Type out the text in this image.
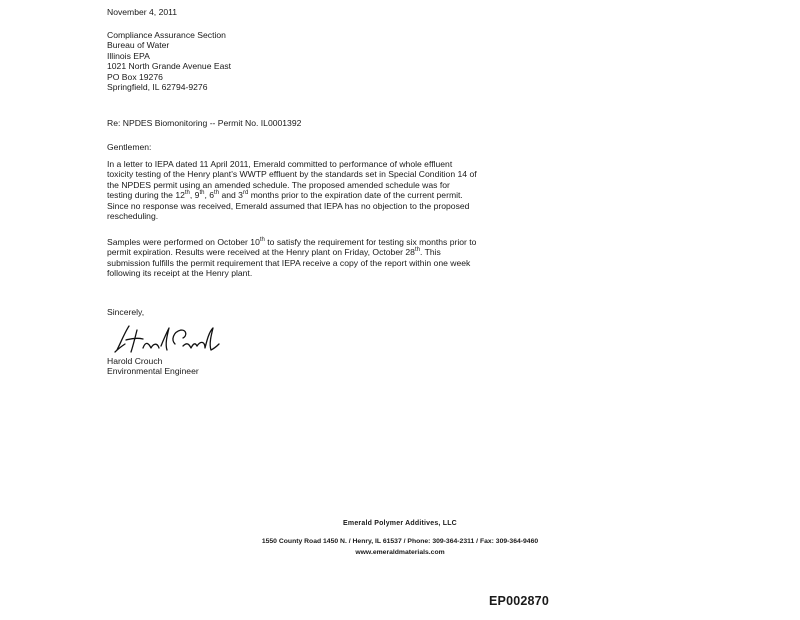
November 4, 2011
Compliance Assurance Section
Bureau of Water
Illinois EPA
1021 North Grande Avenue East
PO Box 19276
Springfield, IL 62794-9276
Re: NPDES Biomonitoring -- Permit No. IL0001392
Gentlemen:
In a letter to IEPA dated 11 April 2011, Emerald committed to performance of whole effluent
toxicity testing of the Henry plant's WWTP effluent by the standards set in Special Condition 14 of
the NPDES permit using an amended schedule. The proposed amended schedule was for
testing during the 12th, 9th, 6th and 3rd months prior to the expiration date of the current permit.
Since no response was received, Emerald assumed that IEPA has no objection to the proposed
rescheduling.
Samples were performed on October 10th to satisfy the requirement for testing six months prior to
permit expiration. Results were received at the Henry plant on Friday, October 28th. This
submission fulfills the permit requirement that IEPA receive a copy of the report within one week
following its receipt at the Henry plant.
Sincerely,
Harold Crouch
Environmental Engineer
Emerald Polymer Additives, LLC
1550 County Road 1450 N. / Henry, IL 61537 / Phone: 309-364-2311 / Fax: 309-364-9460
www.emeraldmaterials.com
EP002870
